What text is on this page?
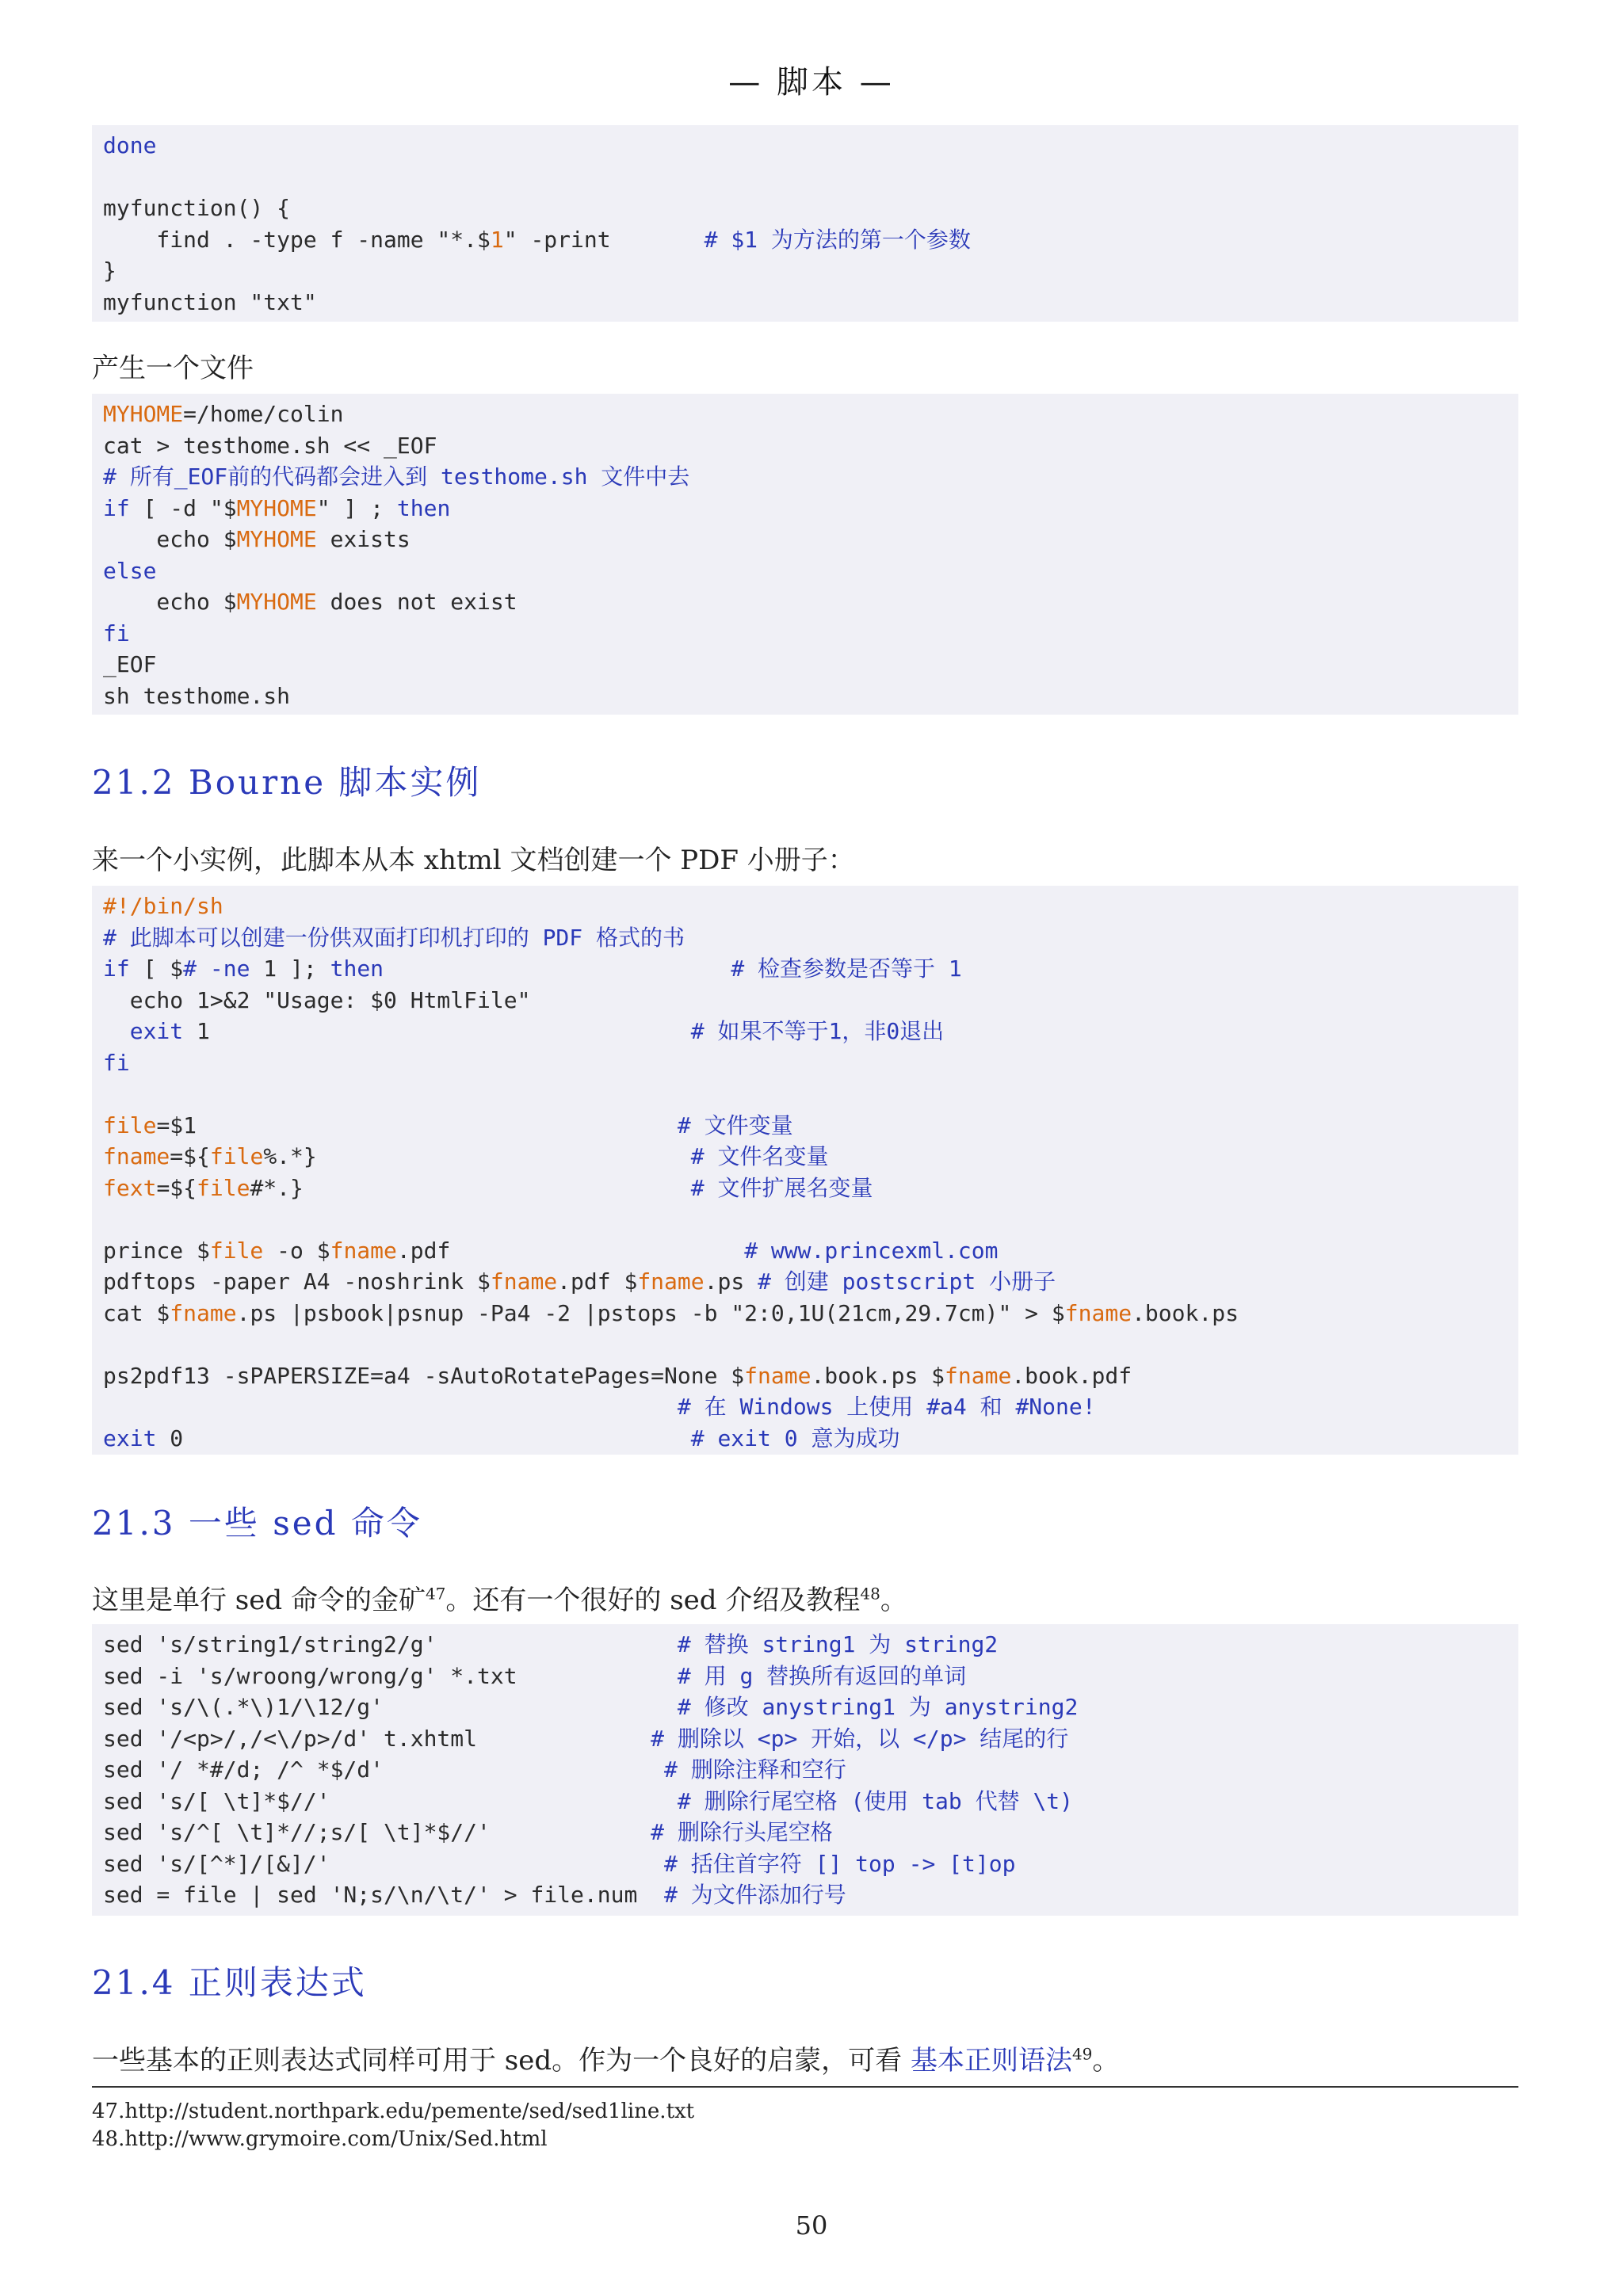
— 脚本 —
done
myfunction() {
find . -type f -name "*.$1" -print       # $1 为方法的第一个参数
}
myfunction "txt"
产生一个文件
MYHOME=/home/colin
cat > testhome.sh << _EOF
# 所有_EOF前的代码都会进入到 testhome.sh 文件中去
if [ -d "$MYHOME" ] ; then
echo $MYHOME exists
else
echo $MYHOME does not exist
fi
_EOF
sh testhome.sh
21.2 Bourne 脚本实例
来一个小实例，此脚本从本 xhtml 文档创建一个 PDF 小册子：
#!/bin/sh
# 此脚本可以创建一份供双面打印机打印的 PDF 格式的书
if [ $# -ne 1 ]; then	# 检查参数是否等于 1
echo 1>&2 "Usage: $0 HtmlFile"
exit 1                                    # 如果不等于1，非0退出
fi
file=$1                                    # 文件变量
fname=${file%.*}                            # 文件名变量
fext=${file#*.}                             # 文件扩展名变量
prince $file -o $fname.pdf                      # www.princexml.com
pdftops -paper A4 -noshrink $fname.pdf $fname.ps # 创建 postscript 小册子
cat $fname.ps |psbook|psnup -Pa4 -2 |pstops -b "2:0,1U(21cm,29.7cm)" > $fname.book.ps
ps2pdf13 -sPAPERSIZE=a4 -sAutoRotatePages=None $fname.book.ps $fname.book.pdf
# 在 Windows 上使用 #a4 和 #None!
exit 0                                      # exit 0 意为成功
21.3 一些 sed 命令
这里是单行 sed 命令的金矿$^{47}$。还有一个很好的 sed 介绍及教程$^{48}$。
sed 's/string1/string2/g'                  # 替换 string1 为 string2
sed -i 's/wroong/wrong/g' *.txt            # 用 g 替换所有返回的单词
sed 's/\(.*\)1/\12/g'                      # 修改 anystring1 为 anystring2
sed '/<p>/,/<\/p>/d' t.xhtml             # 删除以 <p> 开始，以 </p> 结尾的行
sed '/ *#/d; /^ *$/d'                     # 删除注释和空行
sed 's/[ \t]*$//'                          # 删除行尾空格 (使用 tab 代替 \t)
sed 's/^[ \t]*//;s/[ \t]*$//'            # 删除行头尾空格
sed 's/[^*]/[&]/'                         # 括住首字符 [] top -> [t]op
sed = file | sed 'N;s/\n/\t/' > file.num  # 为文件添加行号
21.4 正则表达式
一些基本的正则表达式同样可用于 sed。作为一个良好的启蒙，可看 基本正则语法$^{49}$。
47.http://student.northpark.edu/pemente/sed/sed1line.txt
48.http://www.grymoire.com/Unix/Sed.html
50
